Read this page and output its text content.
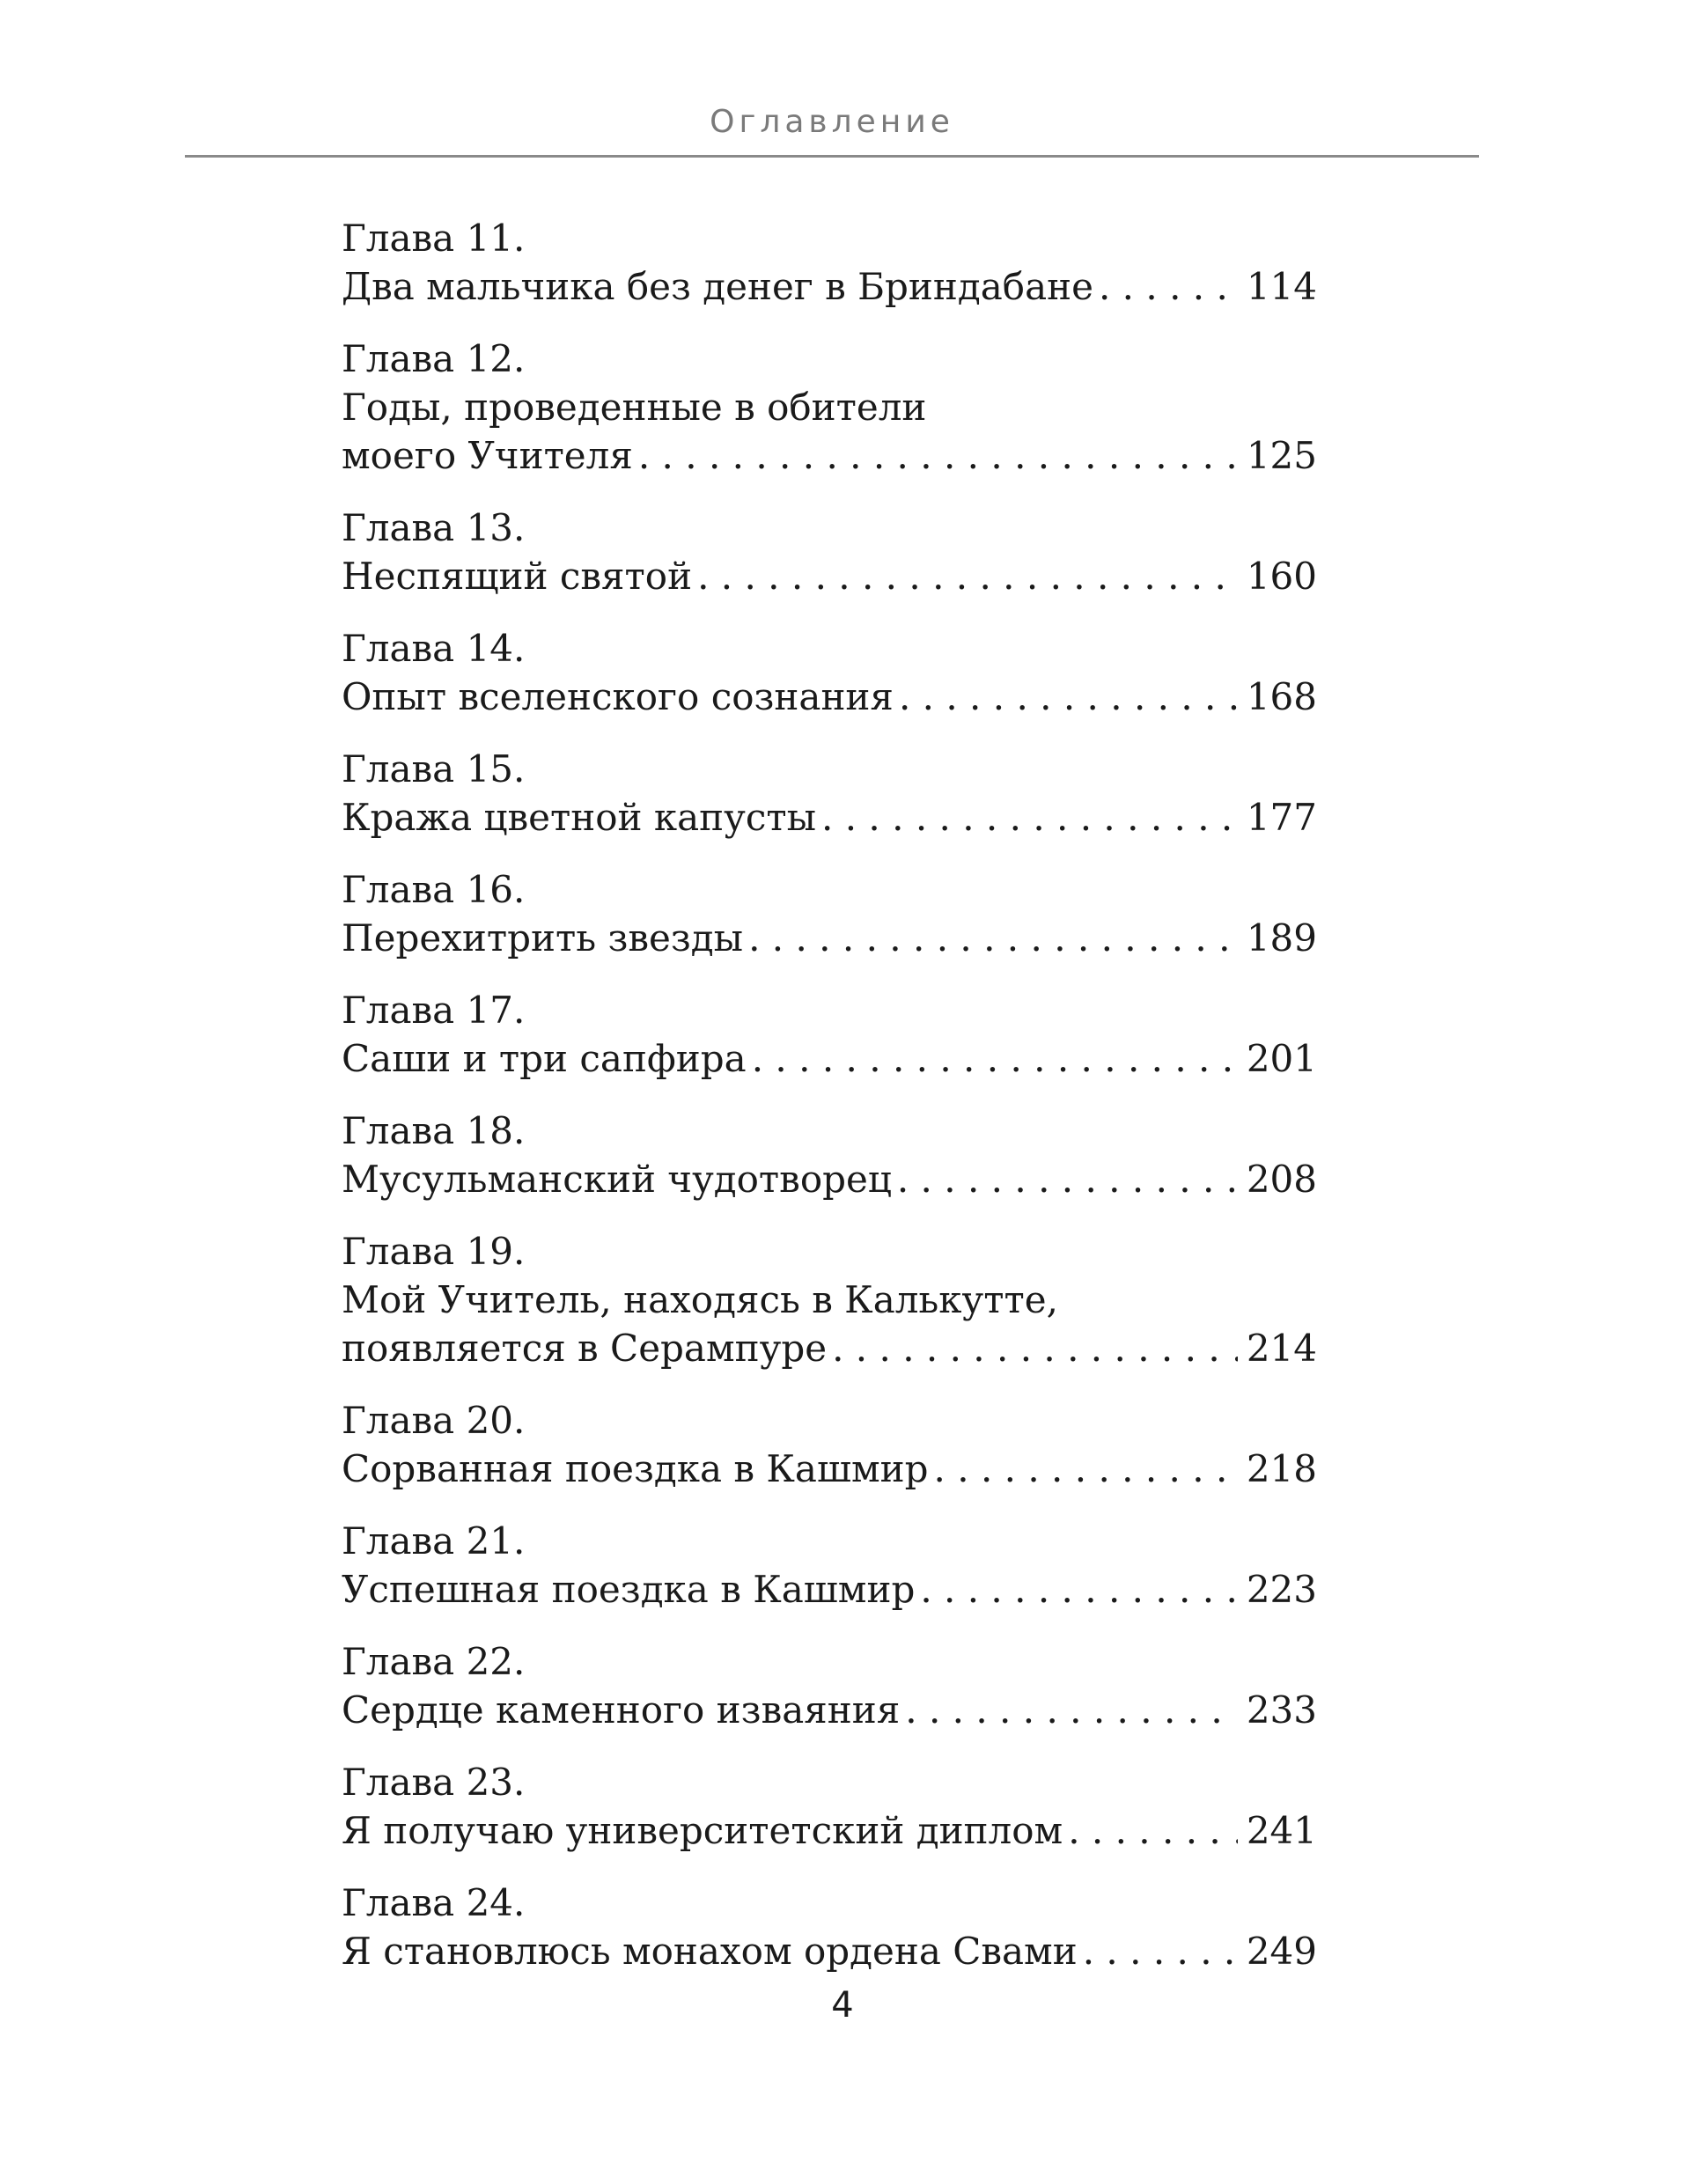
Оглавление
Глава 11.
Два мальчика без денег в Бриндабане . . .	114
Глава 12.
Годы, проведенные в обители
моего Учителя . . .	125
Глава 13.
Неспящий святой . . .	160
Глава 14.
Опыт вселенского сознания . . .	168
Глава 15.
Кража цветной капусты . . .	177
Глава 16.
Перехитрить звезды . . .	189
Глава 17.
Саши и три сапфира . . .	201
Глава 18.
Мусульманский чудотворец . . .	208
Глава 19.
Мой Учитель, находясь в Калькутте,
появляется в Серампуре . . .	214
Глава 20.
Сорванная поездка в Кашмир . . .	218
Глава 21.
Успешная поездка в Кашмир . . .	223
Глава 22.
Сердце каменного изваяния . . .	233
Глава 23.
Я получаю университетский диплом . . .	241
Глава 24.
Я становлюсь монахом ордена Свами . . .	249
4
